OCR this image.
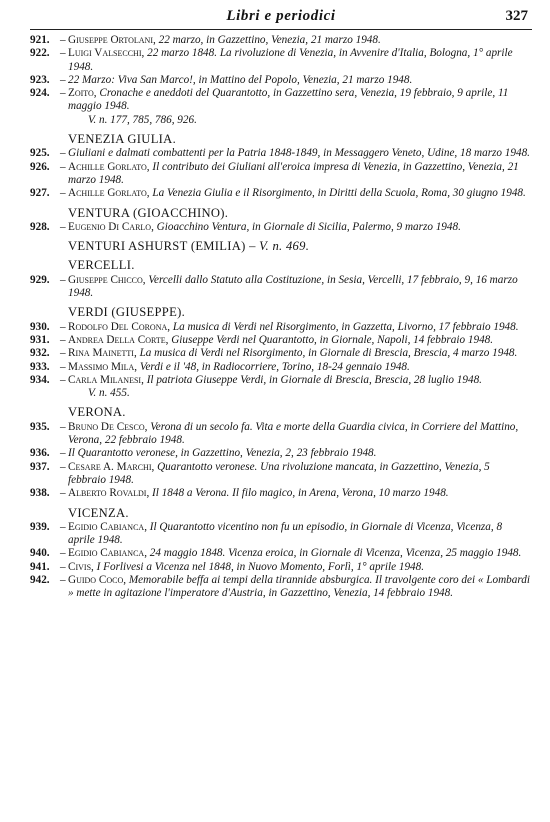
Libri e periodici	327

921. – Giuseppe Ortolani, 22 marzo, in Gazzettino, Venezia, 21 marzo 1948.

922. – Luigi Valsecchi, 22 marzo 1848. La rivoluzione di Venezia, in Avvenire d'Italia, Bologna, 1° aprile 1948.

923. – 22 Marzo: Viva San Marco!, in Mattino del Popolo, Venezia, 21 marzo 1948.

924. – Zoito, Cronache e aneddoti del Quarantotto, in Gazzettino sera, Venezia, 19 febbraio, 9 aprile, 11 maggio 1948.

V. n. 177, 785, 786, 926.

VENEZIA GIULIA.

925. – Giuliani e dalmati combattenti per la Patria 1848-1849, in Messaggero Veneto, Udine, 18 marzo 1948.

926. – Achille Gorlato, Il contributo dei Giuliani all'eroica impresa di Venezia, in Gazzettino, Venezia, 21 marzo 1948.

927. – Achille Gorlato, La Venezia Giulia e il Risorgimento, in Diritti della Scuola, Roma, 30 giugno 1948.

VENTURA (GIOACCHINO).

928. – Eugenio Di Carlo, Gioacchino Ventura, in Giornale di Sicilia, Palermo, 9 marzo 1948.

VENTURI ASHURST (EMILIA) – V. n. 469.
VERCELLI.

929. – Giuseppe Chicco, Vercelli dallo Statuto alla Costituzione, in Sesia, Vercelli, 17 febbraio, 9, 16 marzo 1948.

VERDI (GIUSEPPE).

930. – Rodolfo Del Corona, La musica di Verdi nel Risorgimento, in Gazzetta, Livorno, 17 febbraio 1948.

931. – Andrea Della Corte, Giuseppe Verdi nel Quarantotto, in Giornale, Napoli, 14 febbraio 1948.

932. – Rina Mainetti, La musica di Verdi nel Risorgimento, in Giornale di Brescia, Brescia, 4 marzo 1948.

933. – Massimo Mila, Verdi e il '48, in Radiocorriere, Torino, 18-24 gennaio 1948.

934. – Carla Milanesi, Il patriota Giuseppe Verdi, in Giornale di Brescia, Brescia, 28 luglio 1948.

V. n. 455.

VERONA.

935. – Bruno De Cesco, Verona di un secolo fa. Vita e morte della Guardia civica, in Corriere del Mattino, Verona, 22 febbraio 1948.

936. – Il Quarantotto veronese, in Gazzettino, Venezia, 2, 23 febbraio 1948.

937. – Cesare A. Marchi, Quarantotto veronese. Una rivoluzione mancata, in Gazzettino, Venezia, 5 febbraio 1948.

938. – Alberto Rovaldi, Il 1848 a Verona. Il filo magico, in Arena, Verona, 10 marzo 1948.

VICENZA.

939. – Egidio Cabianca, Il Quarantotto vicentino non fu un episodio, in Giornale di Vicenza, Vicenza, 8 aprile 1948.

940. – Egidio Cabianca, 24 maggio 1848. Vicenza eroica, in Giornale di Vicenza, Vicenza, 25 maggio 1948.

941. – Civis, I Forlivesi a Vicenza nel 1848, in Nuovo Momento, Forlì, 1° aprile 1948.

942. – Guido Coco, Memorabile beffa ai tempi della tirannide absburgica. Il travolgente coro dei « Lombardi » mette in agitazione l'imperatore d'Austria, in Gazzettino, Venezia, 14 febbraio 1948.
